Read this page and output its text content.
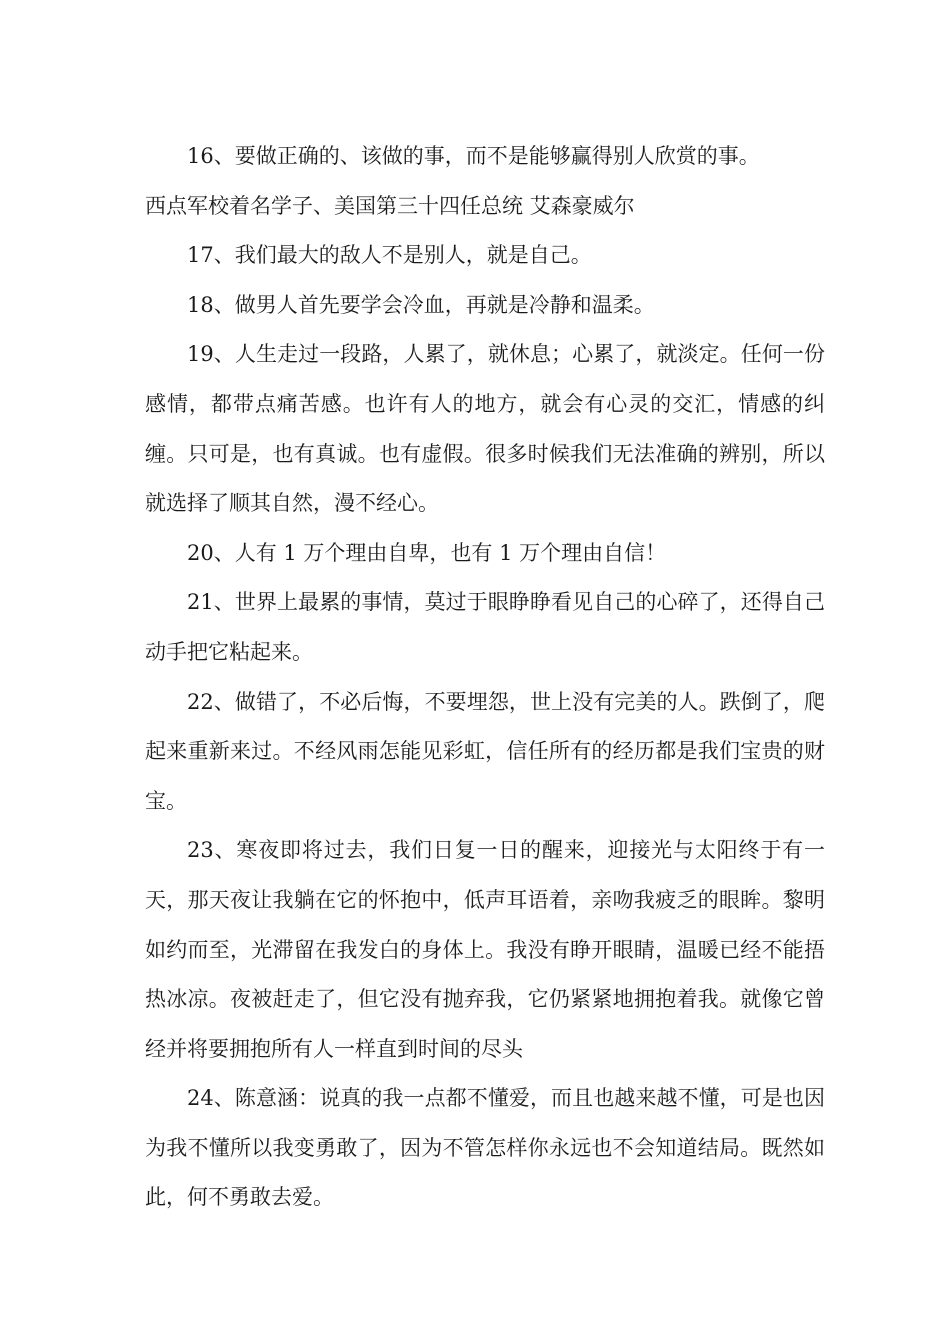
16、要做正确的、该做的事，而不是能够赢得别人欣赏的事。

西点军校着名学子、美国第三十四任总统 艾森豪威尔

17、我们最大的敌人不是别人，就是自己。

18、做男人首先要学会冷血，再就是冷静和温柔。

19、人生走过一段路，人累了，就休息；心累了，就淡定。任何一份感情，都带点痛苦感。也许有人的地方，就会有心灵的交汇，情感的纠缠。只可是，也有真诚。也有虚假。很多时候我们无法准确的辨别，所以就选择了顺其自然，漫不经心。

20、人有 1 万个理由自卑，也有 1 万个理由自信！

21、世界上最累的事情，莫过于眼睁睁看见自己的心碎了，还得自己动手把它粘起来。

22、做错了，不必后悔，不要埋怨，世上没有完美的人。跌倒了，爬起来重新来过。不经风雨怎能见彩虹，信任所有的经历都是我们宝贵的财宝。

23、寒夜即将过去，我们日复一日的醒来，迎接光与太阳终于有一天，那天夜让我躺在它的怀抱中，低声耳语着，亲吻我疲乏的眼眸。黎明如约而至，光滞留在我发白的身体上。我没有睁开眼睛，温暖已经不能捂热冰凉。夜被赶走了，但它没有抛弃我，它仍紧紧地拥抱着我。就像它曾经并将要拥抱所有人一样直到时间的尽头

24、陈意涵：说真的我一点都不懂爱，而且也越来越不懂，可是也因为我不懂所以我变勇敢了，因为不管怎样你永远也不会知道结局。既然如此，何不勇敢去爱。
